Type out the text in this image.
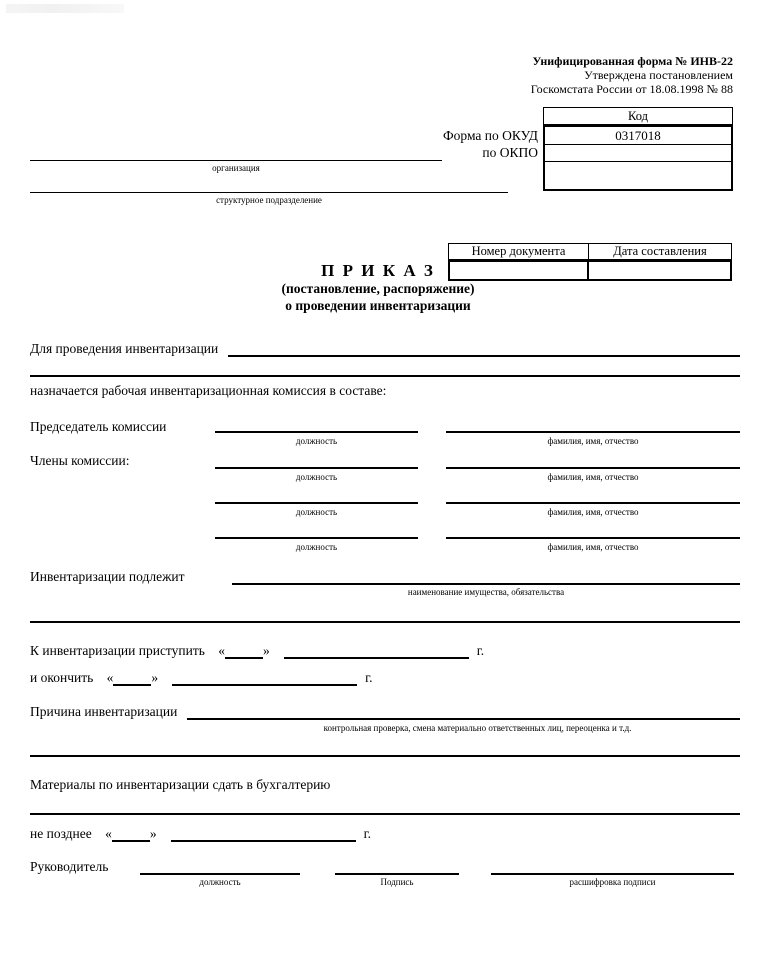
Унифицированная форма № ИНВ-22
Утверждена постановлением
Госкомстата России от 18.08.1998 № 88
Код
0317018
Форма по ОКУД
по ОКПО
организация
структурное подразделение
П Р И К А З
(постановление, распоряжение)
о проведении инвентаризации
Номер документа	Дата составления
Для проведения инвентаризации
назначается рабочая инвентаризационная комиссия в составе:
Председатель комиссии
Члены комиссии:
должность	фамилия, имя, отчество
должность	фамилия, имя, отчество
должность	фамилия, имя, отчество
должность	фамилия, имя, отчество
Инвентаризации подлежит
наименование имущества, обязательства
К инвентаризации приступить «	»	г.
и окончить «	»	г.
Причина инвентаризации
контрольная проверка, смена материально ответственных лиц, переоценка и т.д.
Материалы по инвентаризации сдать в бухгалтерию
не позднее «	»	г.
Руководитель
должность	Подпись	расшифровка подписи
